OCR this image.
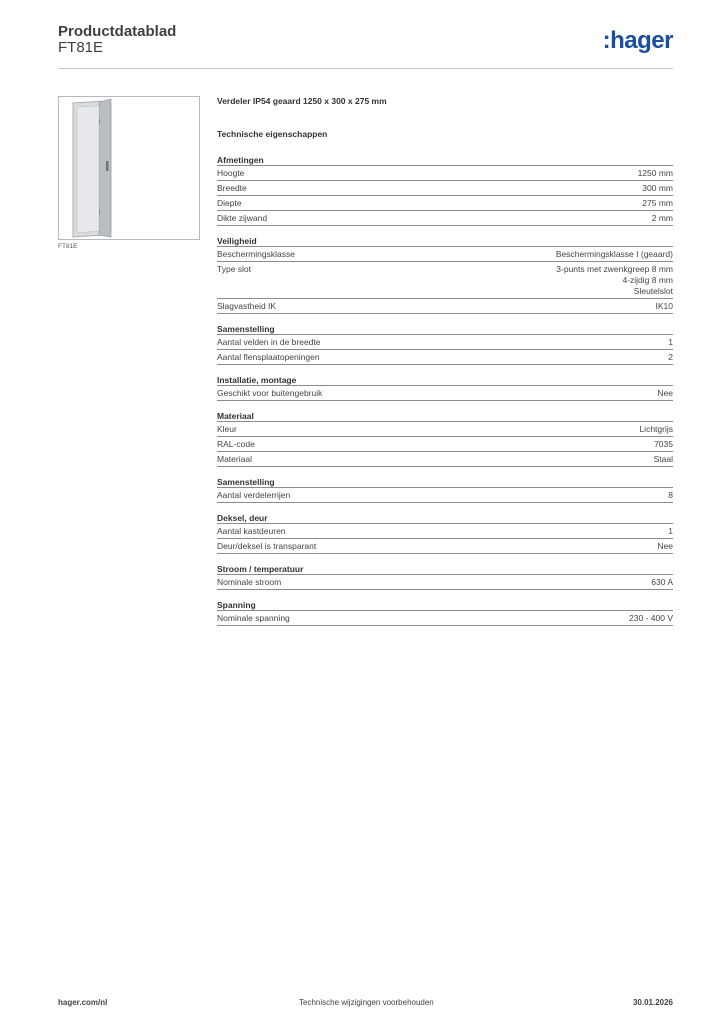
Productdatablad
FT81E	:hager
FT81E
Verdeler IP54 geaard 1250 x 300 x 275 mm
Technische eigenschappen
Afmetingen
Hoogte	1250 mm
Breedte	300 mm
Diepte	275 mm
Dikte zijwand	2 mm
Veiligheid
Beschermingsklasse	Beschermingsklasse I (geaard)
Type slot	3-punts met zwenkgreep 8 mm
4-zijdig 8 mm
Sleutelslot
Slagvastheid IK	IK10
Samenstelling
Aantal velden in de breedte	1
Aantal flensplaatopeningen	2
Installatie, montage
Geschikt voor buitengebruik	Nee
Materiaal
Kleur	Lichtgrijs
RAL-code	7035
Materiaal	Staal
Samenstelling
Aantal verdelerrijen	8
Deksel, deur
Aantal kastdeuren	1
Deur/deksel is transparant	Nee
Stroom / temperatuur
Nominale stroom	630 A
Spanning
Nominale spanning	230 - 400 V
hager.com/nl	Technische wijzigingen voorbehouden	30.01.2026
